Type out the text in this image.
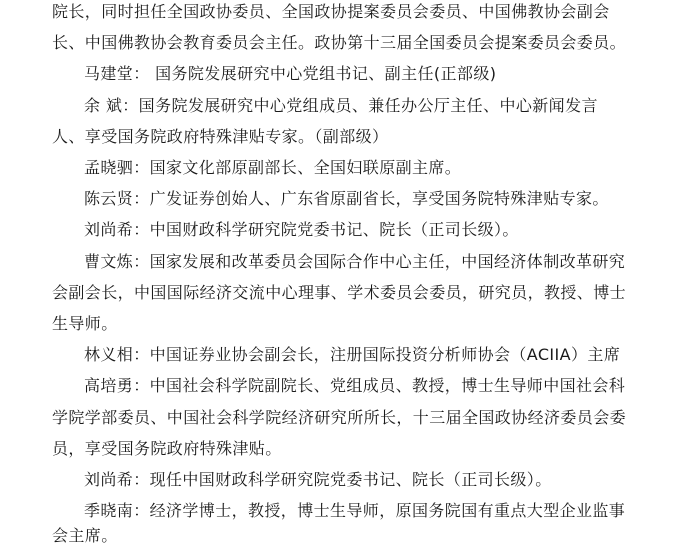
院长，同时担任全国政协委员、全国政协提案委员会委员、中国佛教协会副会
长、中国佛教协会教育委员会主任。政协第十三届全国委员会提案委员会委员。
马建堂： 国务院发展研究中心党组书记、副主任(正部级)
余 斌：国务院发展研究中心党组成员、兼任办公厅主任、中心新闻发言
人、享受国务院政府特殊津贴专家。（副部级）
孟晓驷：国家文化部原副部长、全国妇联原副主席。
陈云贤：广发证券创始人、广东省原副省长，享受国务院特殊津贴专家。
刘尚希：中国财政科学研究院党委书记、院长（正司长级）。
曹文炼：国家发展和改革委员会国际合作中心主任，中国经济体制改革研究
会副会长，中国国际经济交流中心理事、学术委员会委员，研究员，教授、博士
生导师。
林义相：中国证券业协会副会长，注册国际投资分析师协会（ACIIA）主席
高培勇：中国社会科学院副院长、党组成员、教授，博士生导师中国社会科
学院学部委员、中国社会科学院经济研究所所长，十三届全国政协经济委员会委
员，享受国务院政府特殊津贴。
刘尚希：现任中国财政科学研究院党委书记、院长（正司长级）。
季晓南：经济学博士，教授，博士生导师，原国务院国有重点大型企业监事
会主席。
